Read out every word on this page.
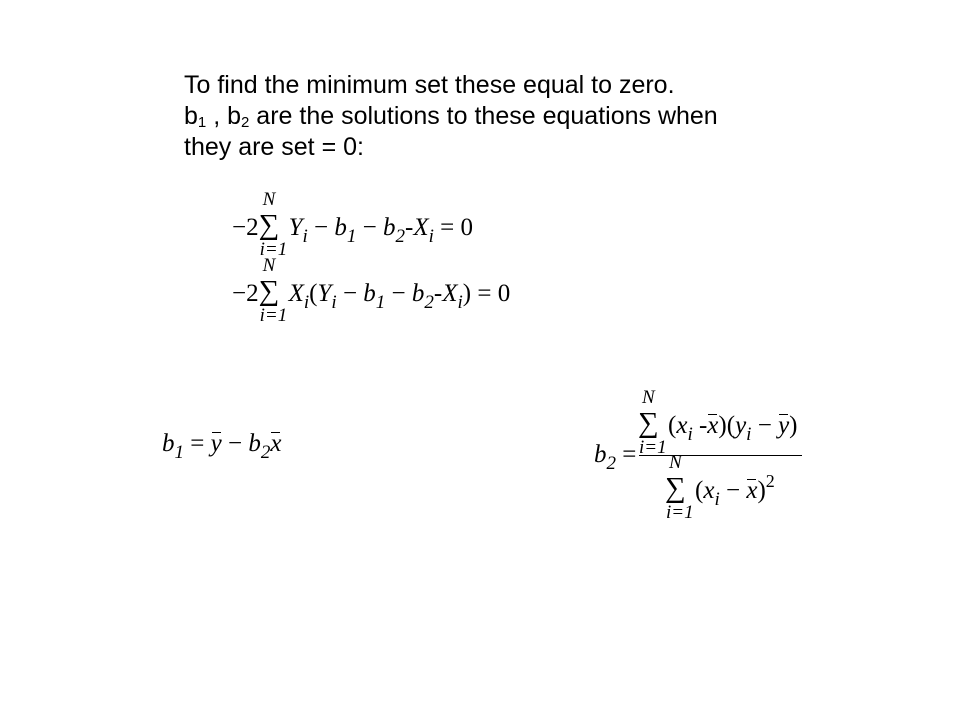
To find the minimum set these equal to zero.
$b_1$ , $b_2$ are the solutions to these equations when
they are set = 0:
−2
N
∑
i=1
$Y_i - b_1 - b_2-X_i = 0$
−2
N
∑
i=1
$X_i(Y_i - b_1 - b_2-X_i) = 0$
$b_1 = y - b_2x$	$b_2$ =
N
∑
i=1
($x_i$ $-x)(y_i - y)$
N
∑
i=1
$(x_i - x)^2$
